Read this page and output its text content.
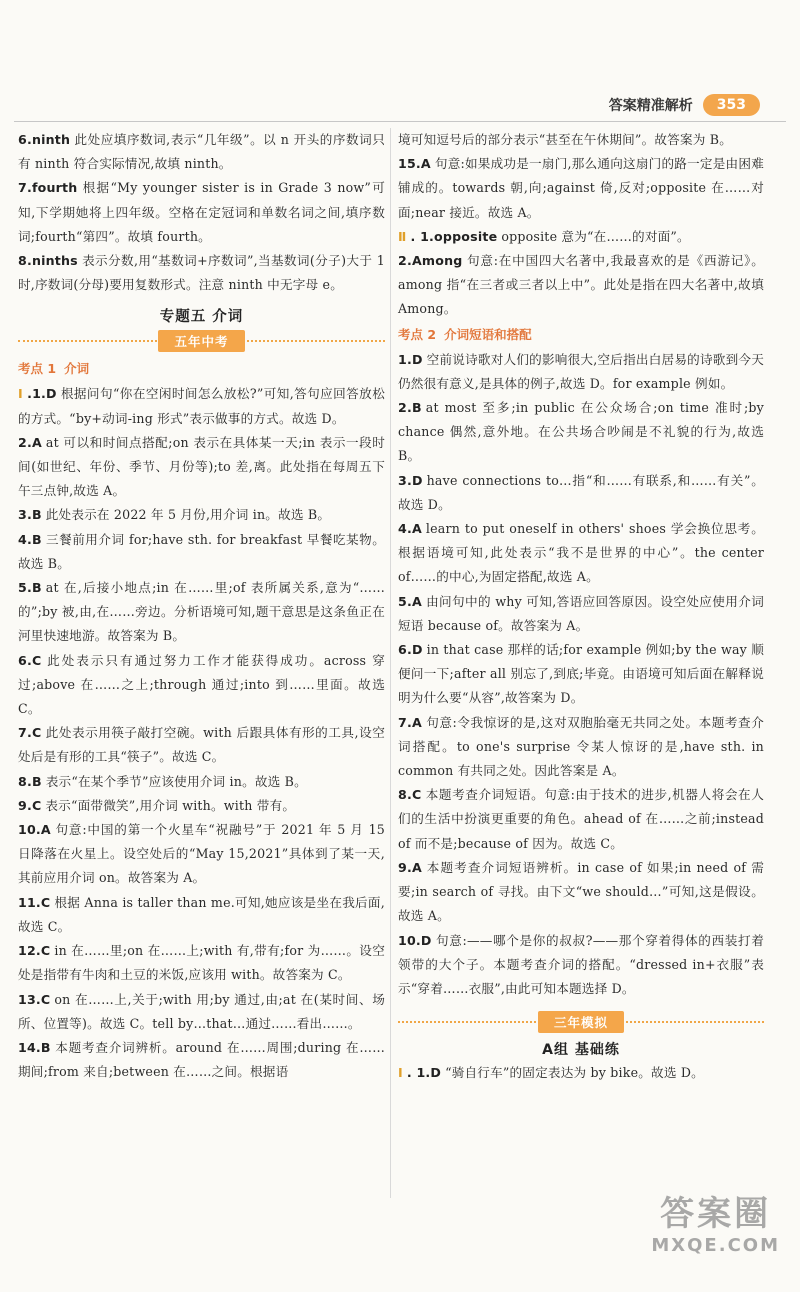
答案精准解析	353

6.ninth 此处应填序数词,表示“几年级”。以 n 开头的序数词只有 ninth 符合实际情况,故填 ninth。

7.fourth 根据“My younger sister is in Grade 3 now”可知,下学期她将上四年级。空格在定冠词和单数名词之间,填序数词;fourth“第四”。故填 fourth。

8.ninths 表示分数,用“基数词+序数词”,当基数词(分子)大于 1 时,序数词(分母)要用复数形式。注意 ninth 中无字母 e。

专题五 介词
五年中考
考点 1 介词

Ⅰ .1.D 根据问句“你在空闲时间怎么放松?”可知,答句应回答放松的方式。“by+动词-ing 形式”表示做事的方式。故选 D。

2.A at 可以和时间点搭配;on 表示在具体某一天;in 表示一段时间(如世纪、年份、季节、月份等);to 差,离。此处指在每周五下午三点钟,故选 A。

3.B 此处表示在 2022 年 5 月份,用介词 in。故选 B。

4.B 三餐前用介词 for;have sth. for breakfast 早餐吃某物。故选 B。

5.B at 在,后接小地点;in 在……里;of 表所属关系,意为“……的”;by 被,由,在……旁边。分析语境可知,题干意思是这条鱼正在河里快速地游。故答案为 B。

6.C 此处表示只有通过努力工作才能获得成功。across 穿过;above 在……之上;through 通过;into 到……里面。故选 C。

7.C 此处表示用筷子敲打空碗。with 后跟具体有形的工具,设空处后是有形的工具“筷子”。故选 C。

8.B 表示“在某个季节”应该使用介词 in。故选 B。

9.C 表示“面带微笑”,用介词 with。with 带有。

10.A 句意:中国的第一个火星车“祝融号”于 2021 年 5 月 15 日降落在火星上。设空处后的“May 15,2021”具体到了某一天,其前应用介词 on。故答案为 A。

11.C 根据 Anna is taller than me.可知,她应该是坐在我后面,故选 C。

12.C in 在……里;on 在……上;with 有,带有;for 为……。设空处是指带有牛肉和土豆的米饭,应该用 with。故答案为 C。

13.C on 在……上,关于;with 用;by 通过,由;at 在(某时间、场所、位置等)。故选 C。tell by…that…通过……看出……。

14.B 本题考查介词辨析。around 在……周围;during 在……期间;from 来自;between 在……之间。根据语

境可知逗号后的部分表示“甚至在午休期间”。故答案为 B。

15.A 句意:如果成功是一扇门,那么通向这扇门的路一定是由困难铺成的。towards 朝,向;against 倚,反对;opposite 在……对面;near 接近。故选 A。

Ⅱ . 1.opposite opposite 意为“在……的对面”。

2.Among 句意:在中国四大名著中,我最喜欢的是《西游记》。among 指“在三者或三者以上中”。此处是指在四大名著中,故填 Among。

考点 2 介词短语和搭配

1.D 空前说诗歌对人们的影响很大,空后指出白居易的诗歌到今天仍然很有意义,是具体的例子,故选 D。for example 例如。

2.B at most 至多;in public 在公众场合;on time 准时;by chance 偶然,意外地。在公共场合吵闹是不礼貌的行为,故选 B。

3.D have connections to…指“和……有联系,和……有关”。故选 D。

4.A learn to put oneself in others' shoes 学会换位思考。根据语境可知,此处表示“我不是世界的中心”。the center of……的中心,为固定搭配,故选 A。

5.A 由问句中的 why 可知,答语应回答原因。设空处应使用介词短语 because of。故答案为 A。

6.D in that case 那样的话;for example 例如;by the way 顺便问一下;after all 别忘了,到底;毕竟。由语境可知后面在解释说明为什么要“从容”,故答案为 D。

7.A 句意:令我惊讶的是,这对双胞胎毫无共同之处。本题考查介词搭配。to one's surprise 令某人惊讶的是,have sth. in common 有共同之处。因此答案是 A。

8.C 本题考查介词短语。句意:由于技术的进步,机器人将会在人们的生活中扮演更重要的角色。ahead of 在……之前;instead of 而不是;because of 因为。故选 C。

9.A 本题考查介词短语辨析。in case of 如果;in need of 需要;in search of 寻找。由下文“we should…”可知,这是假设。故选 A。

10.D 句意:——哪个是你的叔叔?——那个穿着得体的西装打着领带的大个子。本题考查介词的搭配。“dressed in+衣服”表示“穿着……衣服”,由此可知本题选择 D。

三年模拟
A组 基础练

Ⅰ . 1.D “骑自行车”的固定表达为 by bike。故选 D。

答案圈
MXQE.COM
